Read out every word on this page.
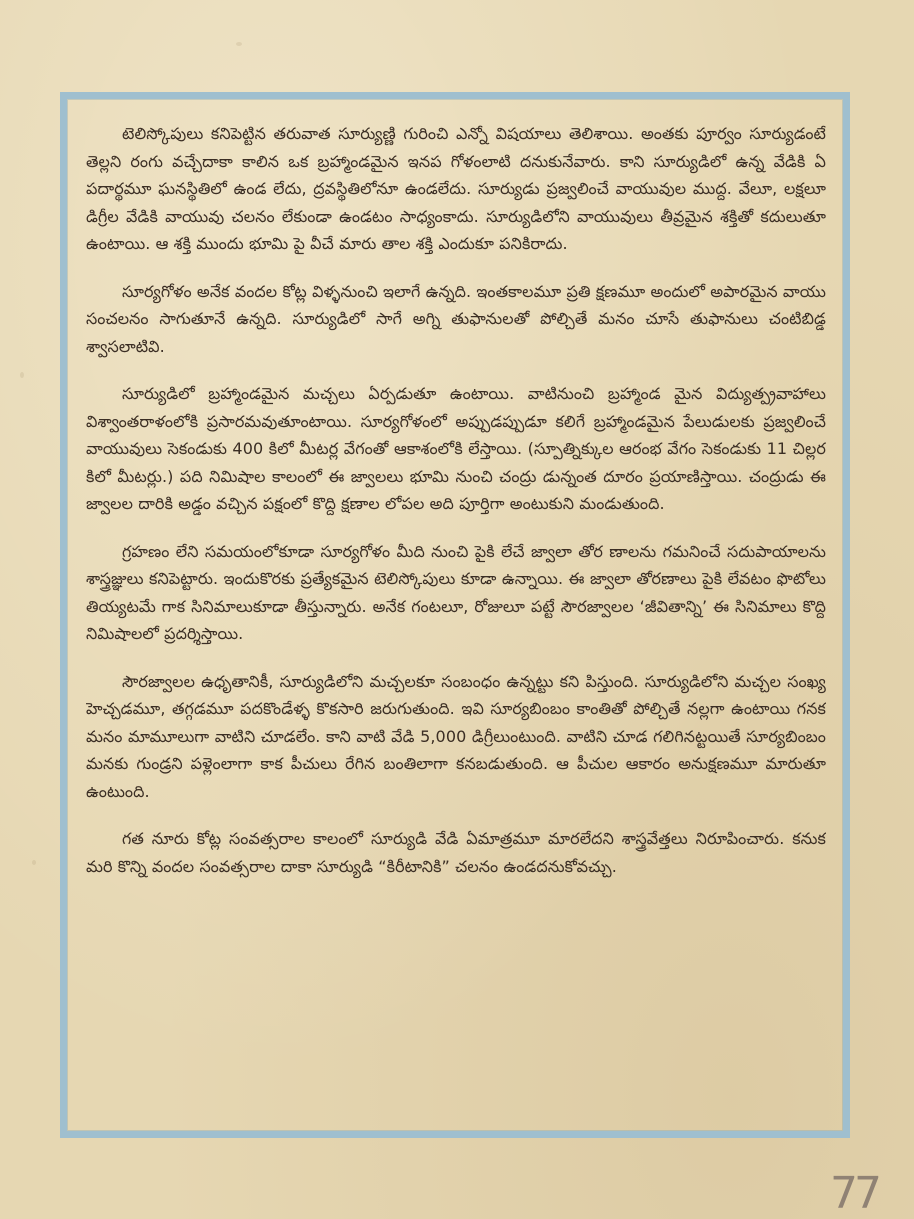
టెలిస్కోపులు కనిపెట్టిన తరువాత సూర్యుణ్ణి గురించి ఎన్నో విషయాలు తెలిశాయి. అంతకు పూర్వం సూర్యుడంటే తెల్లని రంగు వచ్చేదాకా కాలిన ఒక బ్రహ్మాండమైన ఇనప గోళంలాటి దనుకునేవారు. కాని సూర్యుడిలో ఉన్న వేడికి ఏ పదార్థమూ ఘనస్థితిలో ఉండ లేదు, ద్రవస్థితిలోనూ ఉండలేదు. సూర్యుడు ప్రజ్వలించే వాయువుల ముద్ద. వేలూ, లక్షలూ డిగ్రీల వేడికి వాయువు చలనం లేకుండా ఉండటం సాధ్యంకాదు. సూర్యుడిలోని వాయువులు తీవ్రమైన శక్తితో కదులుతూ ఉంటాయి. ఆ శక్తి ముందు భూమి పై వీచే మారు తాల శక్తి ఎందుకూ పనికిరాదు.

సూర్యగోళం అనేక వందల కోట్ల విళ్ళనుంచి ఇలాగే ఉన్నది. ఇంతకాలమూ ప్రతి క్షణమూ అందులో అపారమైన వాయు సంచలనం సాగుతూనే ఉన్నది. సూర్యుడిలో సాగే అగ్ని తుఫానులతో పోల్చితే మనం చూసే తుఫానులు చంటిబిడ్డ శ్వాసలాటివి.

సూర్యుడిలో బ్రహ్మాండమైన మచ్చలు ఏర్పడుతూ ఉంటాయి. వాటినుంచి బ్రహ్మాండ మైన విద్యుత్ప్రవాహాలు విశ్వాంతరాళంలోకి ప్రసారమవుతూంటాయి. సూర్యగోళంలో అప్పుడప్పుడూ కలిగే బ్రహ్మాండమైన పేలుడులకు ప్రజ్వలించే వాయువులు సెకండుకు 400 కిలో మీటర్ల వేగంతో ఆకాశంలోకి లేస్తాయి. (స్పూత్నిక్కుల ఆరంభ వేగం సెకండుకు 11 చిల్లర కిలో మీటర్లు.) పది నిమిషాల కాలంలో ఈ జ్వాలలు భూమి నుంచి చంద్రు డున్నంత దూరం ప్రయాణిస్తాయి. చంద్రుడు ఈ జ్వాలల దారికి అడ్డం వచ్చిన పక్షంలో కొద్ది క్షణాల లోపల అది పూర్తిగా అంటుకుని మండుతుంది.

గ్రహణం లేని సమయంలోకూడా సూర్యగోళం మీది నుంచి పైకి లేచే జ్వాలా తోర ణాలను గమనించే సదుపాయాలను శాస్త్రజ్ఞులు కనిపెట్టారు. ఇందుకొరకు ప్రత్యేకమైన టెలిస్కోపులు కూడా ఉన్నాయి. ఈ జ్వాలా తోరణాలు పైకి లేవటం ఫొటోలు తియ్యటమే గాక సినిమాలుకూడా తీస్తున్నారు. అనేక గంటలూ, రోజులూ పట్టే సౌరజ్వాలల ‘జీవితాన్ని’ ఈ సినిమాలు కొద్ది నిమిషాలలో ప్రదర్శిస్తాయి.

సౌరజ్వాలల ఉధృతానికీ, సూర్యుడిలోని మచ్చలకూ సంబంధం ఉన్నట్టు కని పిస్తుంది. సూర్యుడిలోని మచ్చల సంఖ్య హెచ్చడమూ, తగ్గడమూ పదకొండేళ్ళ కొకసారి జరుగుతుంది. ఇవి సూర్యబింబం కాంతితో పోల్చితే నల్లగా ఉంటాయి గనక మనం మామూలుగా వాటిని చూడలేం. కాని వాటి వేడి 5,000 డిగ్రీలుంటుంది. వాటిని చూడ గలిగినట్టయితే సూర్యబింబం మనకు గుండ్రని పళ్లెంలాగా కాక పీచులు రేగిన బంతిలాగా కనబడుతుంది. ఆ పీచుల ఆకారం అనుక్షణమూ మారుతూ ఉంటుంది.

గత నూరు కోట్ల సంవత్సరాల కాలంలో సూర్యుడి వేడి ఏమాత్రమూ మారలేదని శాస్త్రవేత్తలు నిరూపించారు. కనుక మరి కొన్ని వందల సంవత్సరాల దాకా సూర్యుడి “కిరీటానికి” చలనం ఉండదనుకోవచ్చు.

77
